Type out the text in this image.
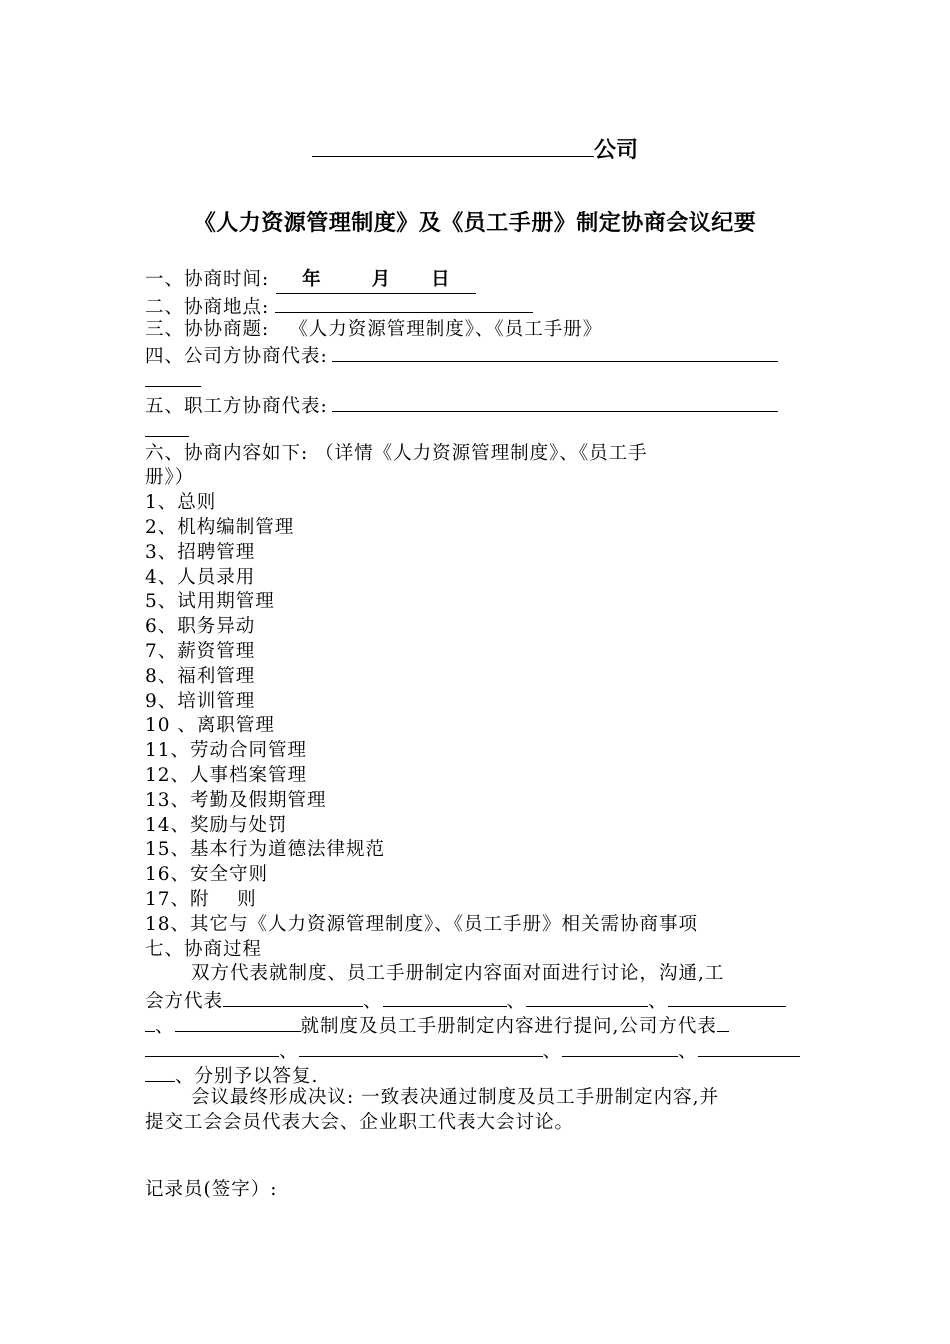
公司
《人力资源管理制度》及《员工手册》制定协商会议纪要
一、协商时间: 年	月 日
二、协商地点:
三、协协商题: 《人力资源管理制度》、《员工手册》
四、公司方协商代表:
五、职工方协商代表:
六、协商内容如下: （详情《人力资源管理制度》、《员工手
册》）
1、总则
2、机构编制管理
3、招聘管理
4、人员录用
5、试用期管理
6、职务异动
7、薪资管理
8、福利管理
9、培训管理
10 、离职管理
11、劳动合同管理
12、人事档案管理
13、考勤及假期管理
14、奖励与处罚
15、基本行为道德法律规范
16、安全守则
17、附    则
18、其它与《人力资源管理制度》、《员工手册》相关需协商事项
七、协商过程
双方代表就制度、员工手册制定内容面对面进行讨论，沟通,工
会方代表	、	、	、
、	就制度及员工手册制定内容进行提问,公司方代表
、	、	、
、分别予以答复.
会议最终形成决议: 一致表决通过制度及员工手册制定内容,并
提交工会会员代表大会、企业职工代表大会讨论。
记录员(签字）:
